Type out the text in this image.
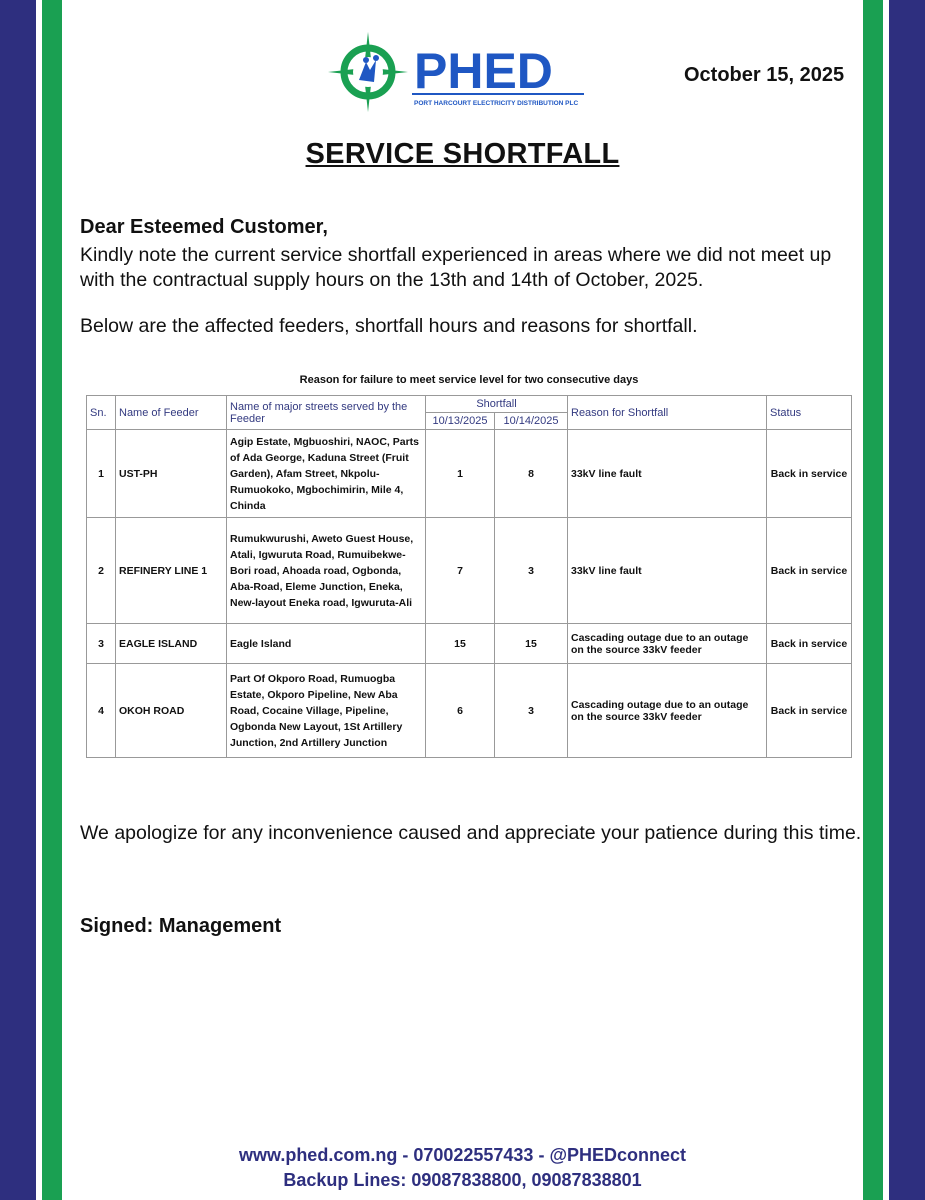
PHED
PORT HARCOURT ELECTRICITY DISTRIBUTION PLC
October 15, 2025
SERVICE SHORTFALL
Dear Esteemed Customer,
Kindly note the current service shortfall experienced in areas where we did not meet up with the contractual supply hours on the 13th and 14th of October, 2025.
Below are the affected feeders, shortfall hours and reasons for shortfall.
Reason for failure to meet service level for two consecutive days
Sn.	Name of Feeder	Name of major streets served by the Feeder	Shortfall		Reason for Shortfall	Status
			10/13/2025	10/14/2025		
1	UST-PH	Agip Estate, Mgbuoshiri, NAOC, Parts of Ada George, Kaduna Street (Fruit Garden), Afam Street, Nkpolu-Rumuokoko, Mgbochimirin, Mile 4, Chinda	1	8	33kV line fault	Back in service
2	REFINERY LINE 1	Rumukwurushi, Aweto Guest House, Atali, Igwuruta Road, Rumuibekwe-Bori road, Ahoada road, Ogbonda, Aba-Road, Eleme Junction, Eneka, New-layout Eneka road, Igwuruta-Ali	7	3	33kV line fault	Back in service
3	EAGLE ISLAND	Eagle Island	15	15	Cascading outage due to an outage on the source 33kV feeder	Back in service
4	OKOH ROAD	Part Of Okporo Road, Rumuogba Estate, Okporo Pipeline, New Aba Road, Cocaine Village, Pipeline, Ogbonda New Layout, 1St Artillery Junction, 2nd Artillery Junction	6	3	Cascading outage due to an outage on the source 33kV feeder	Back in service
We apologize for any inconvenience caused and appreciate your patience during this time.
Signed: Management
www.phed.com.ng - 070022557433 - @PHEDconnect
Backup Lines: 09087838800, 09087838801
